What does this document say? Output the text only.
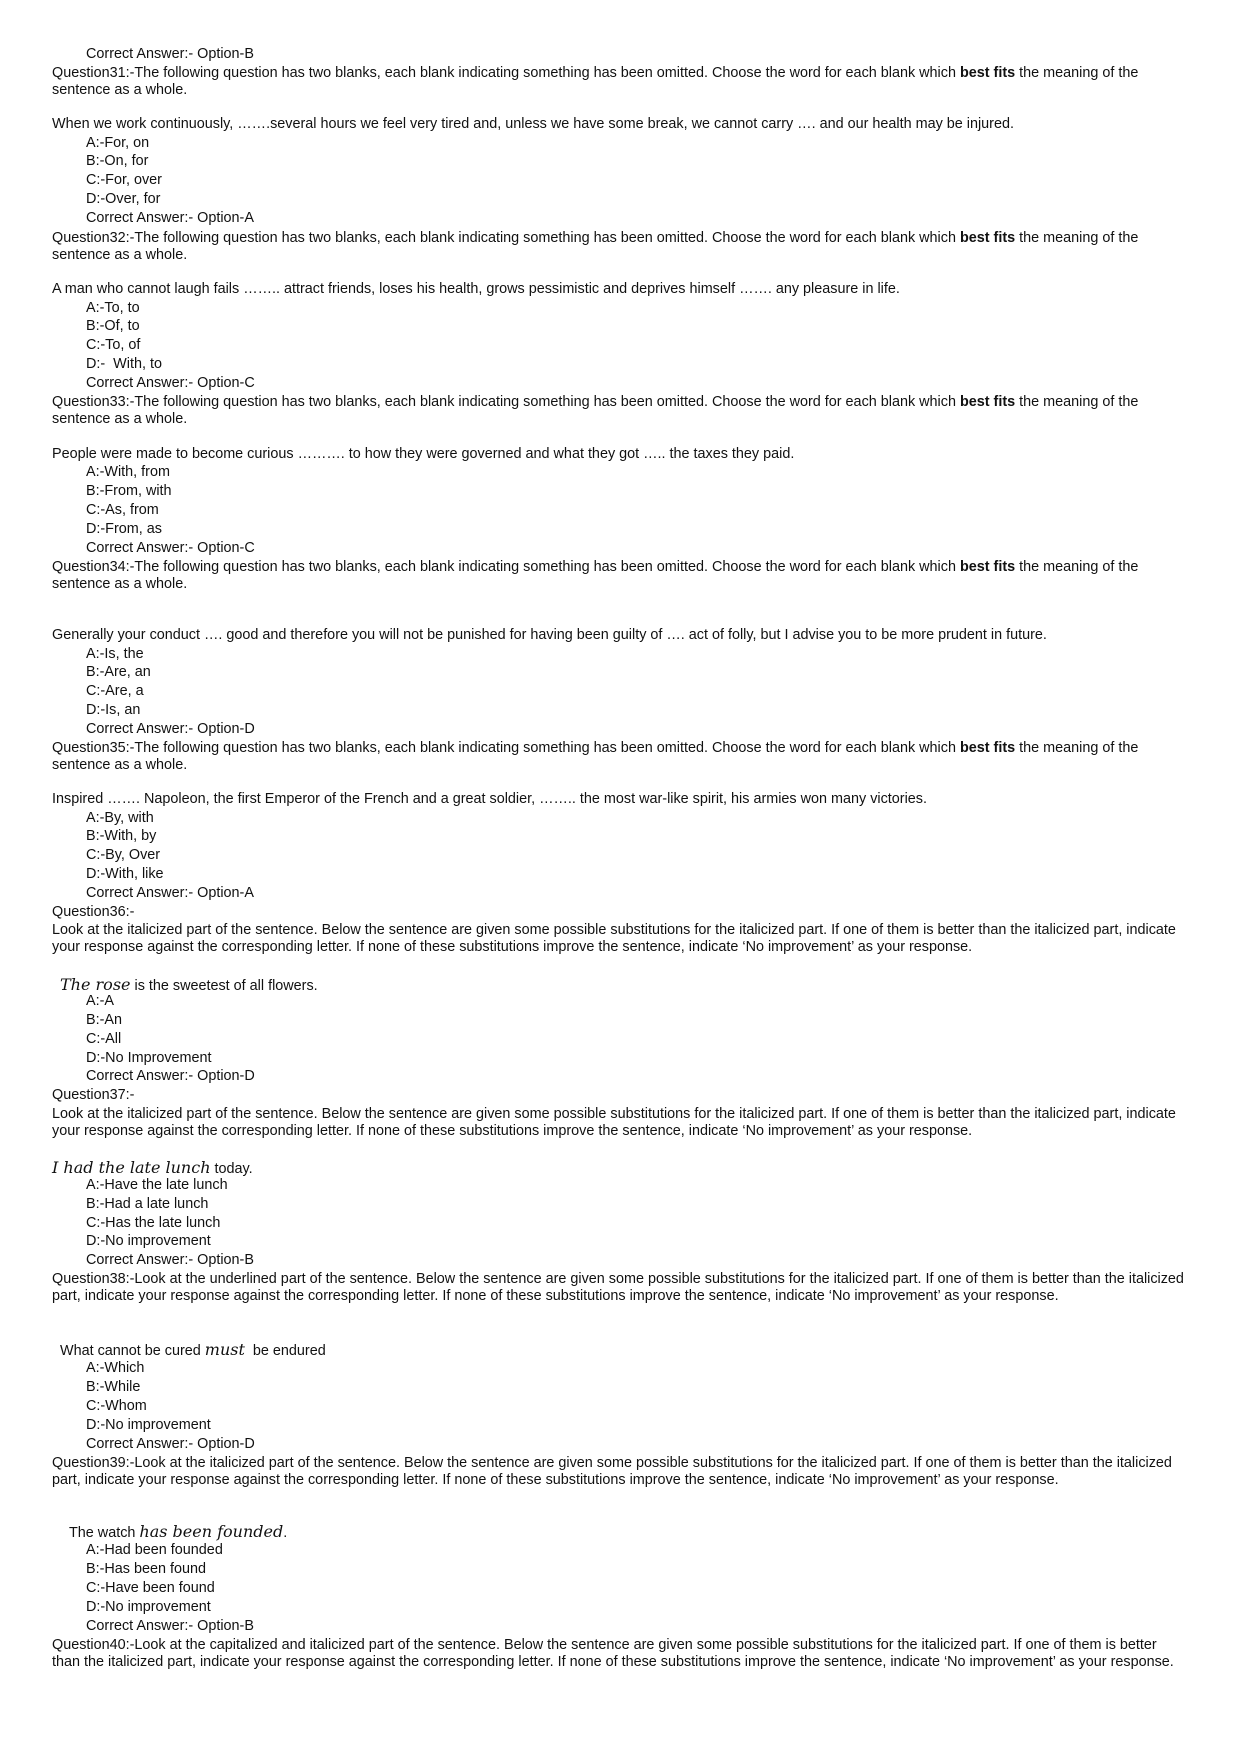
Correct Answer:- Option-B
Question31:-The following question has two blanks, each blank indicating something has been omitted. Choose the word for each blank which best fits the meaning of the sentence as a whole.
When we work continuously, …….several hours we feel very tired and, unless we have some break, we cannot carry …. and our health may be injured.
A:-For, on
B:-On, for
C:-For, over
D:-Over, for
Correct Answer:- Option-A
Question32:-The following question has two blanks, each blank indicating something has been omitted. Choose the word for each blank which best fits the meaning of the sentence as a whole.
A man who cannot laugh fails …….. attract friends, loses his health, grows pessimistic and deprives himself ……. any pleasure in life.
A:-To, to
B:-Of, to
C:-To, of
D:-  With, to
Correct Answer:- Option-C
Question33:-The following question has two blanks, each blank indicating something has been omitted. Choose the word for each blank which best fits the meaning of the sentence as a whole.
People were made to become curious ………. to how they were governed and what they got ….. the taxes they paid.
A:-With, from
B:-From, with
C:-As, from
D:-From, as
Correct Answer:- Option-C
Question34:-The following question has two blanks, each blank indicating something has been omitted. Choose the word for each blank which best fits the meaning of the sentence as a whole.
Generally your conduct …. good and therefore you will not be punished for having been guilty of …. act of folly, but I advise you to be more prudent in future.
A:-Is, the
B:-Are, an
C:-Are, a
D:-Is, an
Correct Answer:- Option-D
Question35:-The following question has two blanks, each blank indicating something has been omitted. Choose the word for each blank which best fits the meaning of the sentence as a whole.
Inspired ……. Napoleon, the first Emperor of the French and a great soldier, …….. the most war-like spirit, his armies won many victories.
A:-By, with
B:-With, by
C:-By, Over
D:-With, like
Correct Answer:- Option-A
Question36:-
Look at the italicized part of the sentence. Below the sentence are given some possible substitutions for the italicized part. If one of them is better than the italicized part, indicate your response against the corresponding letter. If none of these substitutions improve the sentence, indicate ‘No improvement’ as your response.
The rose is the sweetest of all flowers.
A:-A
B:-An
C:-All
D:-No Improvement
Correct Answer:- Option-D
Question37:-
Look at the italicized part of the sentence. Below the sentence are given some possible substitutions for the italicized part. If one of them is better than the italicized part, indicate your response against the corresponding letter. If none of these substitutions improve the sentence, indicate ‘No improvement’ as your response.
I had the late lunch today.
A:-Have the late lunch
B:-Had a late lunch
C:-Has the late lunch
D:-No improvement
Correct Answer:- Option-B
Question38:-Look at the underlined part of the sentence. Below the sentence are given some possible substitutions for the italicized part. If one of them is better than the italicized part, indicate your response against the corresponding letter. If none of these substitutions improve the sentence, indicate ‘No improvement’ as your response.
What cannot be cured must  be endured
A:-Which
B:-While
C:-Whom
D:-No improvement
Correct Answer:- Option-D
Question39:-Look at the italicized part of the sentence. Below the sentence are given some possible substitutions for the italicized part. If one of them is better than the italicized part, indicate your response against the corresponding letter. If none of these substitutions improve the sentence, indicate ‘No improvement’ as your response.
The watch has been founded.
A:-Had been founded
B:-Has been found
C:-Have been found
D:-No improvement
Correct Answer:- Option-B
Question40:-Look at the capitalized and italicized part of the sentence. Below the sentence are given some possible substitutions for the italicized part. If one of them is better than the italicized part, indicate your response against the corresponding letter. If none of these substitutions improve the sentence, indicate ‘No improvement’ as your response.
